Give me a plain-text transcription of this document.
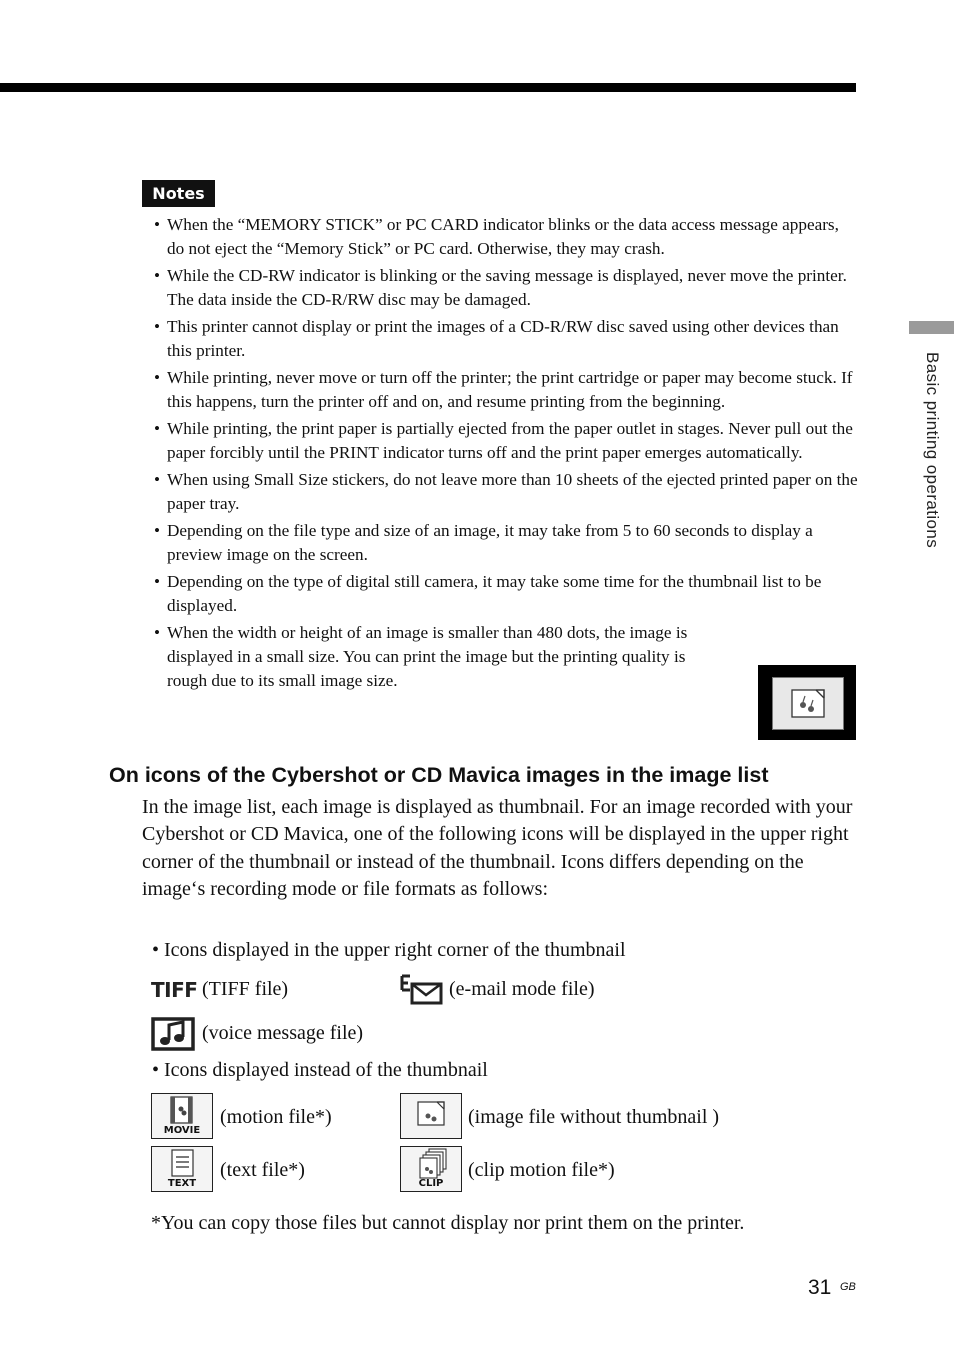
Basic printing operations
Notes
• When the “MEMORY STICK” or PC CARD indicator blinks or the data access message appears, do not eject the “Memory Stick” or PC card. Otherwise, they may crash.
• While the CD-RW indicator is blinking or the saving message is displayed, never move the printer. The data inside the CD-R/RW disc may be damaged.
• This printer cannot display or print the images of a CD-R/RW disc saved using other devices than this printer.
• While printing, never move or turn off the printer; the print cartridge or paper may become stuck. If this happens, turn the printer off and on, and resume printing from the beginning.
• While printing, the print paper is partially ejected from the paper outlet in stages. Never pull out the paper forcibly until the PRINT indicator turns off and the print paper emerges automatically.
• When using Small Size stickers, do not leave more than 10 sheets of the ejected printed paper on the paper tray.
• Depending on the file type and size of an image, it may take from 5 to 60 seconds to display a preview image on the screen.
• Depending on the type of digital still camera, it may take some time for the thumbnail list to be displayed.
• When the width or height of an image is smaller than 480 dots, the image is displayed in a small size. You can print the image but the printing quality is rough due to its small image size.
On icons of the Cybershot or CD Mavica images in the image list
In the image list, each image is displayed as thumbnail. For an image recorded with your Cybershot or CD Mavica, one of the following icons will be displayed in the upper right corner of the thumbnail or instead of the thumbnail. Icons differs depending on the image‘s recording mode or file formats as follows:
• Icons displayed in the upper right corner of the thumbnail
TIFF (TIFF file)	(e-mail mode file)
(voice message file)
• Icons displayed instead of the thumbnail
MOVIE
(motion file*)	(image file without thumbnail )
TEXT
(text file*)
CLIP
(clip motion file*)
*You can copy those files but cannot display nor print them on the printer.
31 GB
